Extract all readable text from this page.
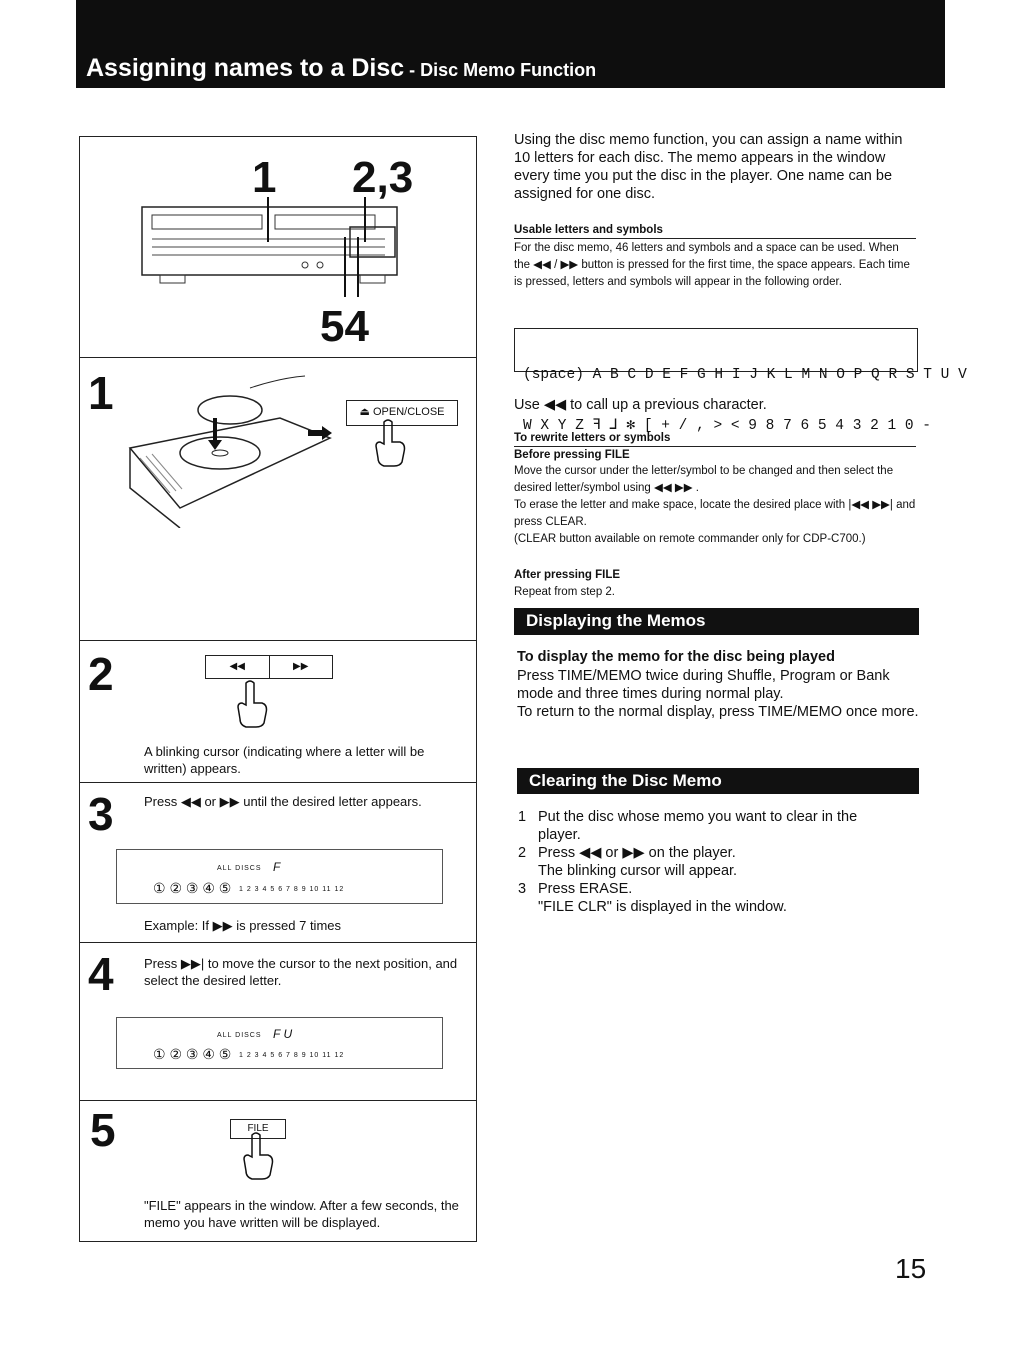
Assigning names to a Disc - Disc Memo Function
1 2,3
54
1	⏏ OPEN/CLOSE
2	◀◀	▶▶
A blinking cursor (indicating where a letter will be written) appears.
3 Press ◀◀ or ▶▶ until the desired letter appears.
ALL DISCS F
① ② ③ ④ ⑤ 1 2 3 4 5 6 7 8 9 10 11 12
Example: If ▶▶ is pressed 7 times
4 Press ▶▶| to move the cursor to the next position, and select the desired letter.
ALL DISCS F U
① ② ③ ④ ⑤ 1 2 3 4 5 6 7 8 9 10 11 12
5	FILE
"FILE" appears in the window. After a few seconds, the memo you have written will be displayed.
Using the disc memo function, you can assign a name within 10 letters for each disc. The memo appears in the window every time you put the disc in the player. One name can be assigned for one disc.
Usable letters and symbols
For the disc memo, 46 letters and symbols and a space can be used. When the ◀◀ / ▶▶ button is pressed for the first time, the space appears. Each time is pressed, letters and symbols will appear in the following order.

(space) A B C D E F G H I J K L M N O P Q R S T U V

W X Y Z ꟻ ⅃ ✻ [ + / , > < 9 8 7 6 5 4 3 2 1 0 -

Use ◀◀ to call up a previous character.
To rewrite letters or symbols
Before pressing FILE
Move the cursor under the letter/symbol to be changed and then select the desired letter/symbol using ◀◀ ▶▶ .
To erase the letter and make space, locate the desired place with |◀◀ ▶▶| and press CLEAR.
(CLEAR button available on remote commander only for CDP-C700.)
After pressing FILE
Repeat from step 2.
Displaying the Memos
To display the memo for the disc being played
Press TIME/MEMO twice during Shuffle, Program or Bank mode and three times during normal play.
To return to the normal display, press TIME/MEMO once more.
Clearing the Disc Memo
1 Put the disc whose memo you want to clear in the player.
2 Press ◀◀ or ▶▶ on the player.
The blinking cursor will appear.
3 Press ERASE.
"FILE CLR" is displayed in the window.
15
